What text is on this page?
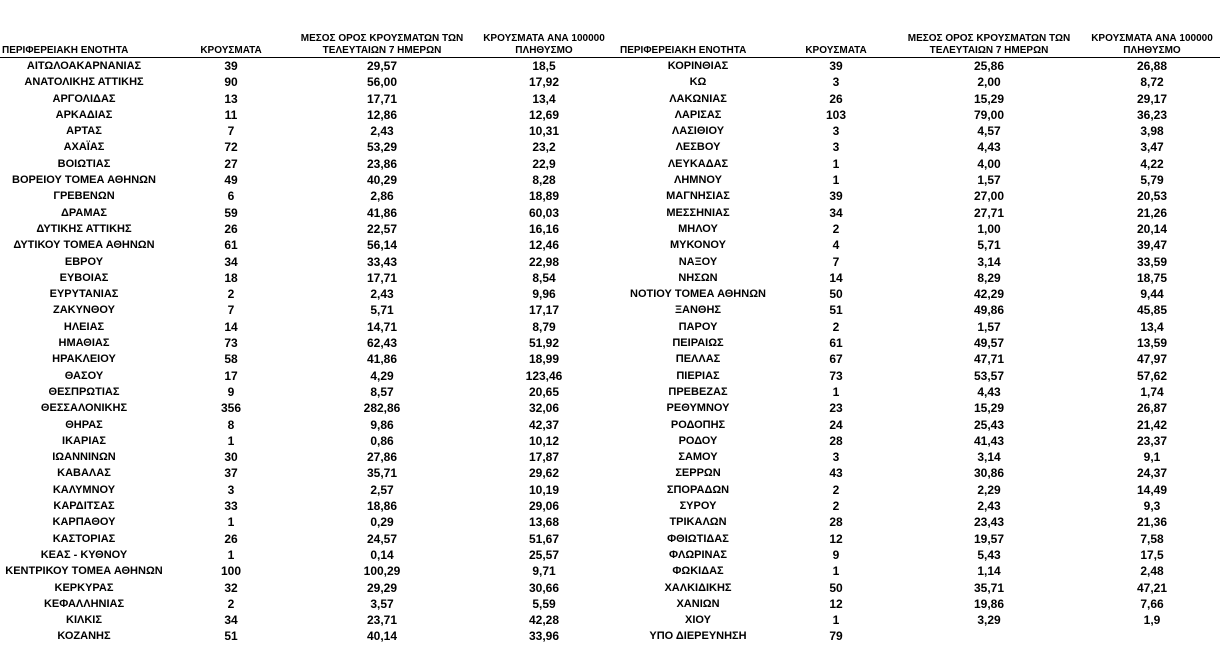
ΠΕΡΙΦΕΡΕΙΑΚΗ ΕΝΟΤΗΤΑ	ΚΡΟΥΣΜΑΤΑ	ΜΕΣΟΣ ΟΡΟΣ ΚΡΟΥΣΜΑΤΩΝ ΤΩΝ ΤΕΛΕΥΤΑΙΩΝ 7 ΗΜΕΡΩΝ	ΚΡΟΥΣΜΑΤΑ ΑΝΑ 100000 ΠΛΗΘΥΣΜΟ
ΑΙΤΩΛΟΑΚΑΡΝΑΝΙΑΣ	39	29,57	18,5
ΑΝΑΤΟΛΙΚΗΣ ΑΤΤΙΚΗΣ	90	56,00	17,92
ΑΡΓΟΛΙΔΑΣ	13	17,71	13,4
ΑΡΚΑΔΙΑΣ	11	12,86	12,69
ΑΡΤΑΣ	7	2,43	10,31
ΑΧΑΪΑΣ	72	53,29	23,2
ΒΟΙΩΤΙΑΣ	27	23,86	22,9
ΒΟΡΕΙΟΥ ΤΟΜΕΑ ΑΘΗΝΩΝ	49	40,29	8,28
ΓΡΕΒΕΝΩΝ	6	2,86	18,89
ΔΡΑΜΑΣ	59	41,86	60,03
ΔΥΤΙΚΗΣ ΑΤΤΙΚΗΣ	26	22,57	16,16
ΔΥΤΙΚΟΥ ΤΟΜΕΑ ΑΘΗΝΩΝ	61	56,14	12,46
ΕΒΡΟΥ	34	33,43	22,98
ΕΥΒΟΙΑΣ	18	17,71	8,54
ΕΥΡΥΤΑΝΙΑΣ	2	2,43	9,96
ΖΑΚΥΝΘΟΥ	7	5,71	17,17
ΗΛΕΙΑΣ	14	14,71	8,79
ΗΜΑΘΙΑΣ	73	62,43	51,92
ΗΡΑΚΛΕΙΟΥ	58	41,86	18,99
ΘΑΣΟΥ	17	4,29	123,46
ΘΕΣΠΡΩΤΙΑΣ	9	8,57	20,65
ΘΕΣΣΑΛΟΝΙΚΗΣ	356	282,86	32,06
ΘΗΡΑΣ	8	9,86	42,37
ΙΚΑΡΙΑΣ	1	0,86	10,12
ΙΩΑΝΝΙΝΩΝ	30	27,86	17,87
ΚΑΒΑΛΑΣ	37	35,71	29,62
ΚΑΛΥΜΝΟΥ	3	2,57	10,19
ΚΑΡΔΙΤΣΑΣ	33	18,86	29,06
ΚΑΡΠΑΘΟΥ	1	0,29	13,68
ΚΑΣΤΟΡΙΑΣ	26	24,57	51,67
ΚΕΑΣ - ΚΥΘΝΟΥ	1	0,14	25,57
ΚΕΝΤΡΙΚΟΥ ΤΟΜΕΑ ΑΘΗΝΩΝ	100	100,29	9,71
ΚΕΡΚΥΡΑΣ	32	29,29	30,66
ΚΕΦΑΛΛΗΝΙΑΣ	2	3,57	5,59
ΚΙΛΚΙΣ	34	23,71	42,28
ΚΟΖΑΝΗΣ	51	40,14	33,96
ΠΕΡΙΦΕΡΕΙΑΚΗ ΕΝΟΤΗΤΑ	ΚΡΟΥΣΜΑΤΑ	ΜΕΣΟΣ ΟΡΟΣ ΚΡΟΥΣΜΑΤΩΝ ΤΩΝ ΤΕΛΕΥΤΑΙΩΝ 7 ΗΜΕΡΩΝ	ΚΡΟΥΣΜΑΤΑ ΑΝΑ 100000 ΠΛΗΘΥΣΜΟ
ΚΟΡΙΝΘΙΑΣ	39	25,86	26,88
ΚΩ	3	2,00	8,72
ΛΑΚΩΝΙΑΣ	26	15,29	29,17
ΛΑΡΙΣΑΣ	103	79,00	36,23
ΛΑΣΙΘΙΟΥ	3	4,57	3,98
ΛΕΣΒΟΥ	3	4,43	3,47
ΛΕΥΚΑΔΑΣ	1	4,00	4,22
ΛΗΜΝΟΥ	1	1,57	5,79
ΜΑΓΝΗΣΙΑΣ	39	27,00	20,53
ΜΕΣΣΗΝΙΑΣ	34	27,71	21,26
ΜΗΛΟΥ	2	1,00	20,14
ΜΥΚΟΝΟΥ	4	5,71	39,47
ΝΑΞΟΥ	7	3,14	33,59
ΝΗΣΩΝ	14	8,29	18,75
ΝΟΤΙΟΥ ΤΟΜΕΑ ΑΘΗΝΩΝ	50	42,29	9,44
ΞΑΝΘΗΣ	51	49,86	45,85
ΠΑΡΟΥ	2	1,57	13,4
ΠΕΙΡΑΙΩΣ	61	49,57	13,59
ΠΕΛΛΑΣ	67	47,71	47,97
ΠΙΕΡΙΑΣ	73	53,57	57,62
ΠΡΕΒΕΖΑΣ	1	4,43	1,74
ΡΕΘΥΜΝΟΥ	23	15,29	26,87
ΡΟΔΟΠΗΣ	24	25,43	21,42
ΡΟΔΟΥ	28	41,43	23,37
ΣΑΜΟΥ	3	3,14	9,1
ΣΕΡΡΩΝ	43	30,86	24,37
ΣΠΟΡΑΔΩΝ	2	2,29	14,49
ΣΥΡΟΥ	2	2,43	9,3
ΤΡΙΚΑΛΩΝ	28	23,43	21,36
ΦΘΙΩΤΙΔΑΣ	12	19,57	7,58
ΦΛΩΡΙΝΑΣ	9	5,43	17,5
ΦΩΚΙΔΑΣ	1	1,14	2,48
ΧΑΛΚΙΔΙΚΗΣ	50	35,71	47,21
ΧΑΝΙΩΝ	12	19,86	7,66
ΧΙΟΥ	1	3,29	1,9
ΥΠΟ ΔΙΕΡΕΥΝΗΣΗ	79		
